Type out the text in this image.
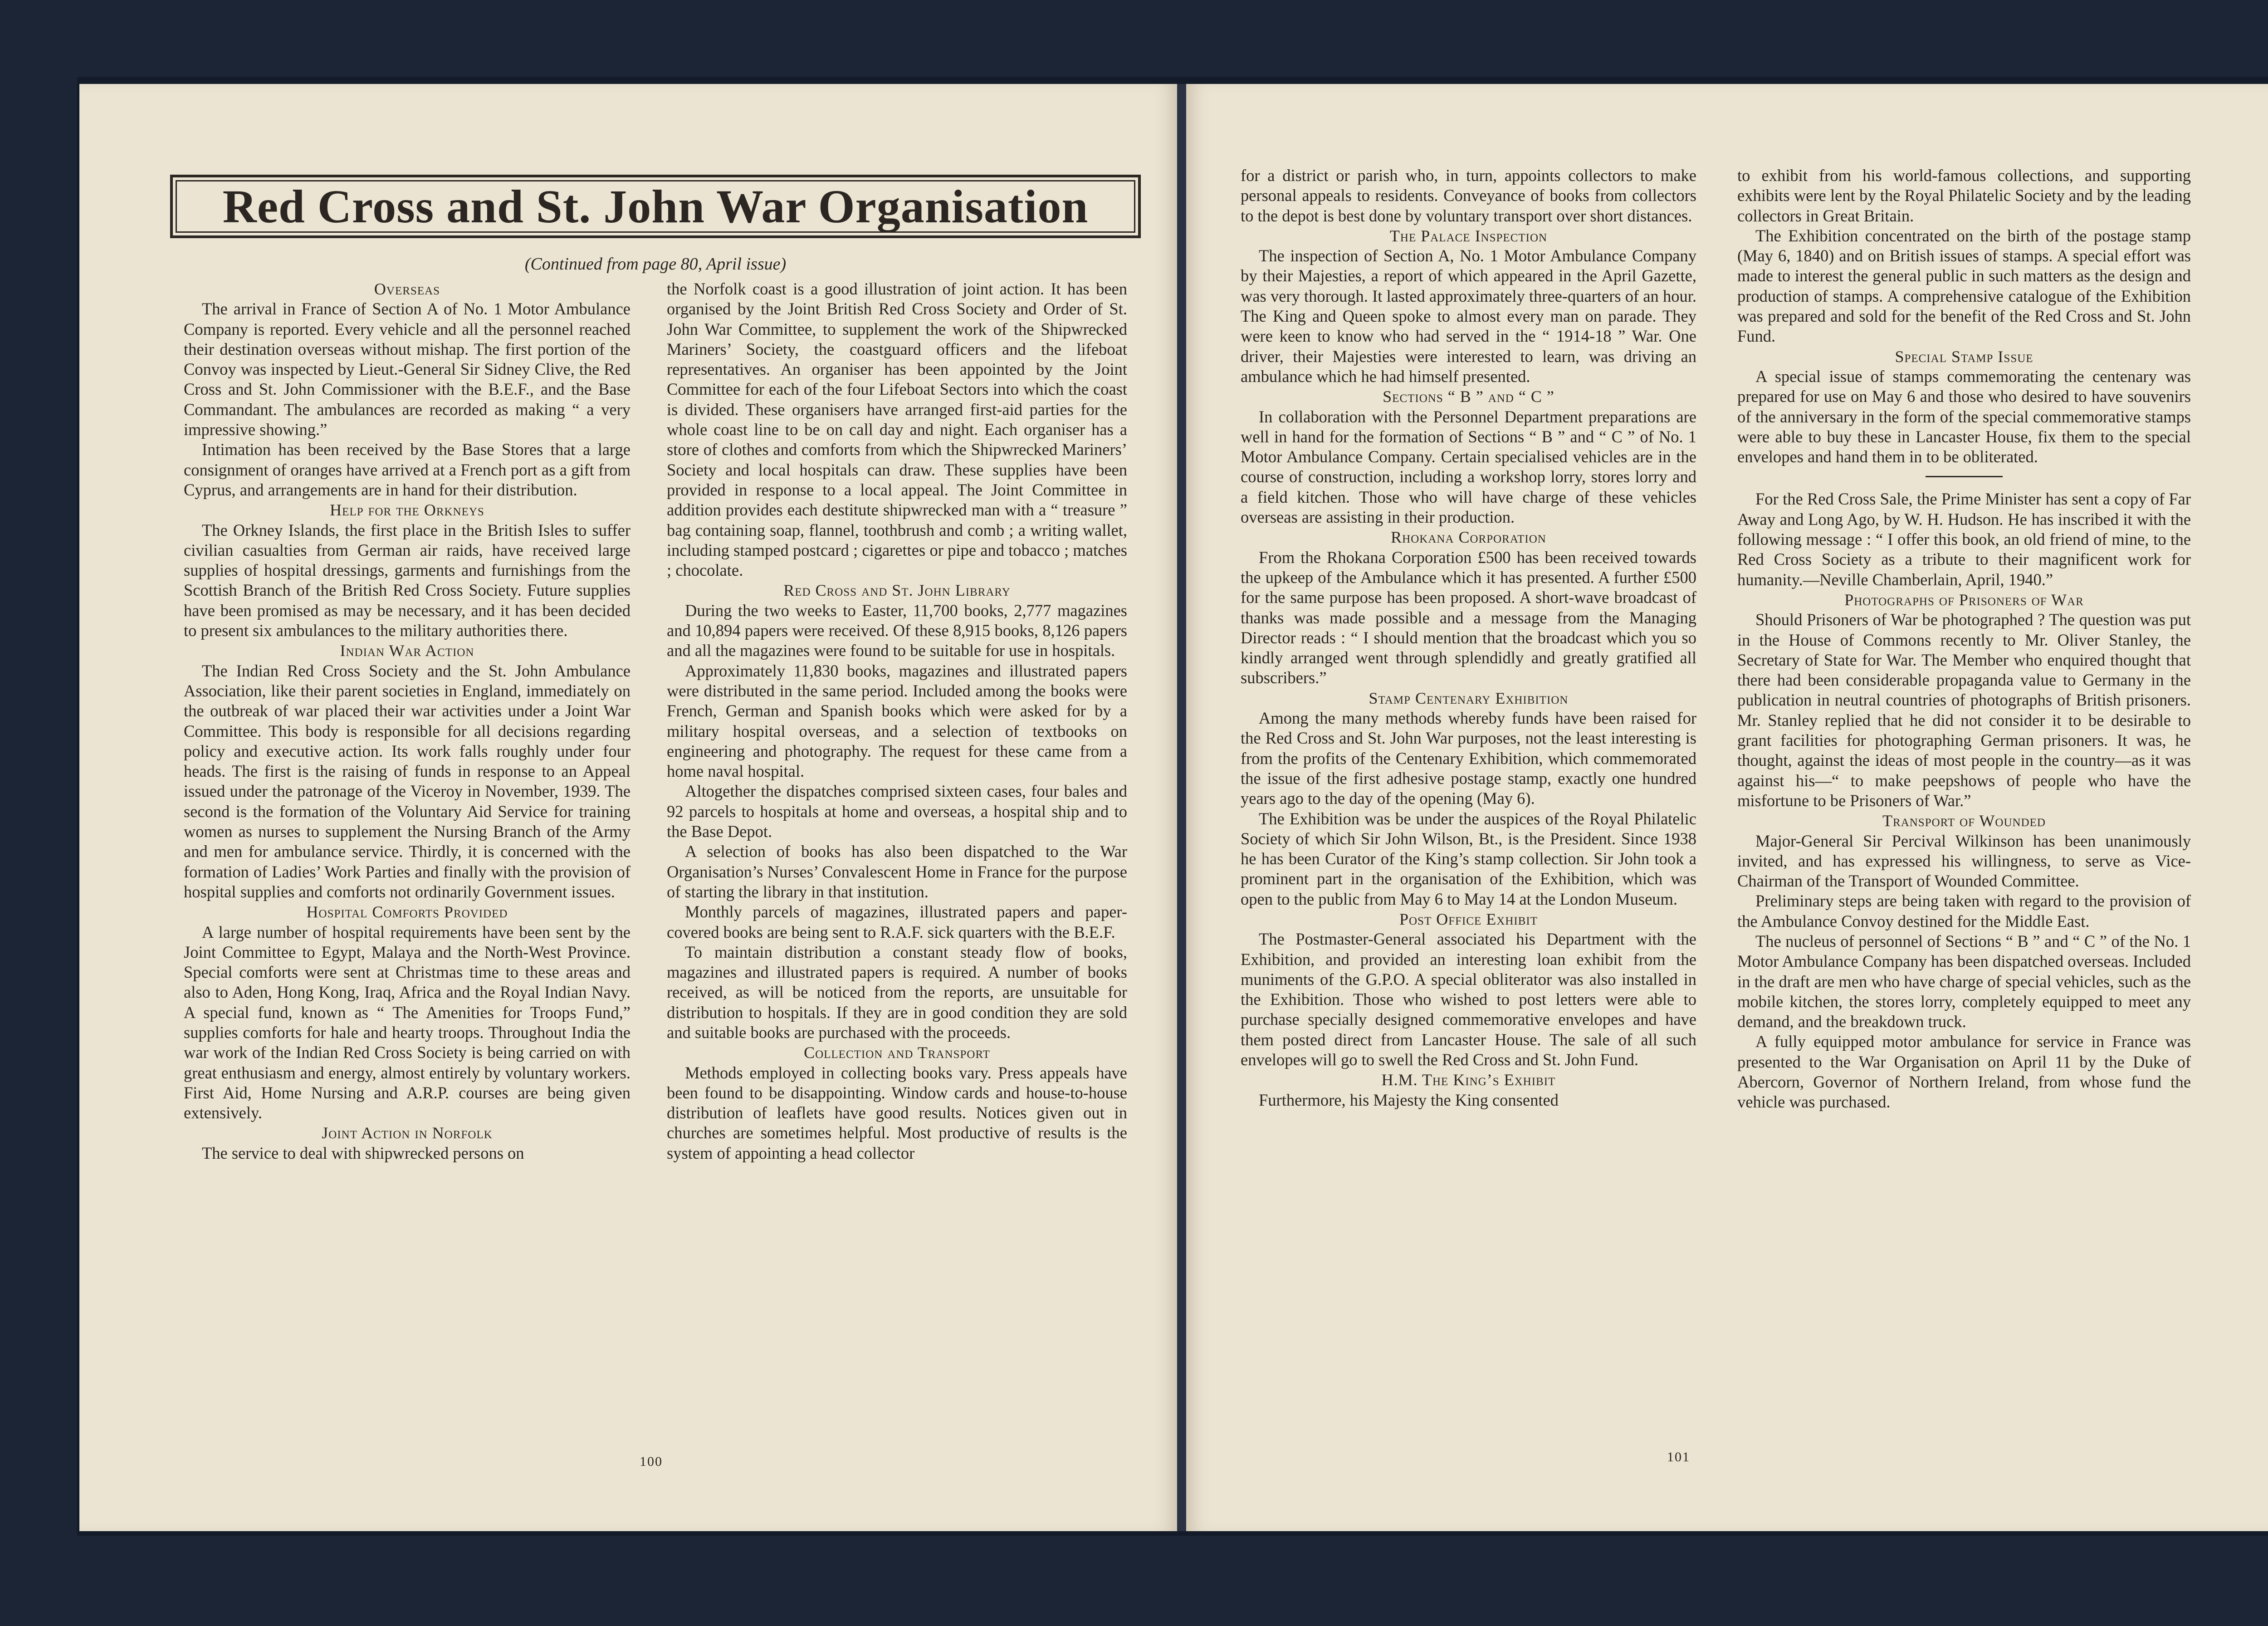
Red Cross and St. John War Organisation
(Continued from page 80, April issue)
Overseas

The arrival in France of Section A of No. 1 Motor Ambulance Company is reported. Every vehicle and all the personnel reached their destination overseas without mishap. The first portion of the Convoy was inspected by Lieut.-General Sir Sidney Clive, the Red Cross and St. John Commissioner with the B.E.F., and the Base Commandant. The ambulances are recorded as making “ a very impressive showing.”

Intimation has been received by the Base Stores that a large consignment of oranges have arrived at a French port as a gift from Cyprus, and arrangements are in hand for their distribution.

Help for the Orkneys

The Orkney Islands, the first place in the British Isles to suffer civilian casualties from German air raids, have received large supplies of hospital dressings, garments and furnishings from the Scottish Branch of the British Red Cross Society. Future supplies have been promised as may be necessary, and it has been decided to present six ambulances to the military authorities there.

Indian War Action

The Indian Red Cross Society and the St. John Ambulance Association, like their parent societies in England, immediately on the outbreak of war placed their war activities under a Joint War Committee. This body is responsible for all decisions regarding policy and executive action. Its work falls roughly under four heads. The first is the raising of funds in response to an Appeal issued under the patronage of the Viceroy in November, 1939. The second is the formation of the Voluntary Aid Service for training women as nurses to supplement the Nursing Branch of the Army and men for ambulance service. Thirdly, it is concerned with the formation of Ladies’ Work Parties and finally with the provision of hospital supplies and comforts not ordinarily Government issues.

Hospital Comforts Provided

A large number of hospital requirements have been sent by the Joint Committee to Egypt, Malaya and the North-West Province. Special comforts were sent at Christmas time to these areas and also to Aden, Hong Kong, Iraq, Africa and the Royal Indian Navy. A special fund, known as “ The Amenities for Troops Fund,” supplies comforts for hale and hearty troops. Throughout India the war work of the Indian Red Cross Society is being carried on with great enthusiasm and energy, almost entirely by voluntary workers. First Aid, Home Nursing and A.R.P. courses are being given extensively.

Joint Action in Norfolk

The service to deal with shipwrecked persons on

the Norfolk coast is a good illustration of joint action. It has been organised by the Joint British Red Cross Society and Order of St. John War Committee, to supplement the work of the Shipwrecked Mariners’ Society, the coastguard officers and the lifeboat representatives. An organiser has been appointed by the Joint Committee for each of the four Lifeboat Sectors into which the coast is divided. These organisers have arranged first-aid parties for the whole coast line to be on call day and night. Each organiser has a store of clothes and comforts from which the Shipwrecked Mariners’ Society and local hospitals can draw. These supplies have been provided in response to a local appeal. The Joint Committee in addition provides each destitute shipwrecked man with a “ treasure ” bag containing soap, flannel, toothbrush and comb ; a writing wallet, including stamped postcard ; cigarettes or pipe and tobacco ; matches ; chocolate.

Red Cross and St. John Library

During the two weeks to Easter, 11,700 books, 2,777 magazines and 10,894 papers were received. Of these 8,915 books, 8,126 papers and all the magazines were found to be suitable for use in hospitals.

Approximately 11,830 books, magazines and illustrated papers were distributed in the same period. Included among the books were French, German and Spanish books which were asked for by a military hospital overseas, and a selection of textbooks on engineering and photography. The request for these came from a home naval hospital.

Altogether the dispatches comprised sixteen cases, four bales and 92 parcels to hospitals at home and overseas, a hospital ship and to the Base Depot.

A selection of books has also been dispatched to the War Organisation’s Nurses’ Convalescent Home in France for the purpose of starting the library in that institution.

Monthly parcels of magazines, illustrated papers and paper-covered books are being sent to R.A.F. sick quarters with the B.E.F.

To maintain distribution a constant steady flow of books, magazines and illustrated papers is required. A number of books received, as will be noticed from the reports, are unsuitable for distribution to hospitals. If they are in good condition they are sold and suitable books are purchased with the proceeds.

Collection and Transport

Methods employed in collecting books vary. Press appeals have been found to be disappointing. Window cards and house-to-house distribution of leaflets have good results. Notices given out in churches are sometimes helpful. Most productive of results is the system of appointing a head collector

for a district or parish who, in turn, appoints collectors to make personal appeals to residents. Conveyance of books from collectors to the depot is best done by voluntary transport over short distances.

The Palace Inspection

The inspection of Section A, No. 1 Motor Ambulance Company by their Majesties, a report of which appeared in the April Gazette, was very thorough. It lasted approximately three-quarters of an hour. The King and Queen spoke to almost every man on parade. They were keen to know who had served in the “ 1914-18 ” War. One driver, their Majesties were interested to learn, was driving an ambulance which he had himself presented.

Sections “ B ” and “ C ”

In collaboration with the Personnel Department preparations are well in hand for the formation of Sections “ B ” and “ C ” of No. 1 Motor Ambulance Company. Certain specialised vehicles are in the course of construction, including a workshop lorry, stores lorry and a field kitchen. Those who will have charge of these vehicles overseas are assisting in their production.

Rhokana Corporation

From the Rhokana Corporation £500 has been received towards the upkeep of the Ambulance which it has presented. A further £500 for the same purpose has been proposed. A short-wave broadcast of thanks was made possible and a message from the Managing Director reads : “ I should mention that the broadcast which you so kindly arranged went through splendidly and greatly gratified all subscribers.”

Stamp Centenary Exhibition

Among the many methods whereby funds have been raised for the Red Cross and St. John War purposes, not the least interesting is from the profits of the Centenary Exhibition, which commemorated the issue of the first adhesive postage stamp, exactly one hundred years ago to the day of the opening (May 6).

The Exhibition was be under the auspices of the Royal Philatelic Society of which Sir John Wilson, Bt., is the President. Since 1938 he has been Curator of the King’s stamp collection. Sir John took a prominent part in the organisation of the Exhibition, which was open to the public from May 6 to May 14 at the London Museum.

Post Office Exhibit

The Postmaster-General associated his Department with the Exhibition, and provided an interesting loan exhibit from the muniments of the G.P.O. A special obliterator was also installed in the Exhibition. Those who wished to post letters were able to purchase specially designed commemorative envelopes and have them posted direct from Lancaster House. The sale of all such envelopes will go to swell the Red Cross and St. John Fund.

H.M. The King’s Exhibit

Furthermore, his Majesty the King consented

to exhibit from his world-famous collections, and supporting exhibits were lent by the Royal Philatelic Society and by the leading collectors in Great Britain.

The Exhibition concentrated on the birth of the postage stamp (May 6, 1840) and on British issues of stamps. A special effort was made to interest the general public in such matters as the design and production of stamps. A comprehensive catalogue of the Exhibition was prepared and sold for the benefit of the Red Cross and St. John Fund.

Special Stamp Issue

A special issue of stamps commemorating the centenary was prepared for use on May 6 and those who desired to have souvenirs of the anniversary in the form of the special commemorative stamps were able to buy these in Lancaster House, fix them to the special envelopes and hand them in to be obliterated.

For the Red Cross Sale, the Prime Minister has sent a copy of Far Away and Long Ago, by W. H. Hudson. He has inscribed it with the following message : “ I offer this book, an old friend of mine, to the Red Cross Society as a tribute to their magnificent work for humanity.—Neville Chamberlain, April, 1940.”

Photographs of Prisoners of War

Should Prisoners of War be photographed ? The question was put in the House of Commons recently to Mr. Oliver Stanley, the Secretary of State for War. The Member who enquired thought that there had been considerable propaganda value to Germany in the publication in neutral countries of photographs of British prisoners. Mr. Stanley replied that he did not consider it to be desirable to grant facilities for photographing German prisoners. It was, he thought, against the ideas of most people in the country—as it was against his—“ to make peepshows of people who have the misfortune to be Prisoners of War.”

Transport of Wounded

Major-General Sir Percival Wilkinson has been unanimously invited, and has expressed his willingness, to serve as Vice-Chairman of the Transport of Wounded Committee.

Preliminary steps are being taken with regard to the provision of the Ambulance Convoy destined for the Middle East.

The nucleus of personnel of Sections “ B ” and “ C ” of the No. 1 Motor Ambulance Company has been dispatched overseas. Included in the draft are men who have charge of special vehicles, such as the mobile kitchen, the stores lorry, completely equipped to meet any demand, and the breakdown truck.

A fully equipped motor ambulance for service in France was presented to the War Organisation on April 11 by the Duke of Abercorn, Governor of Northern Ireland, from whose fund the vehicle was purchased.

100	101
